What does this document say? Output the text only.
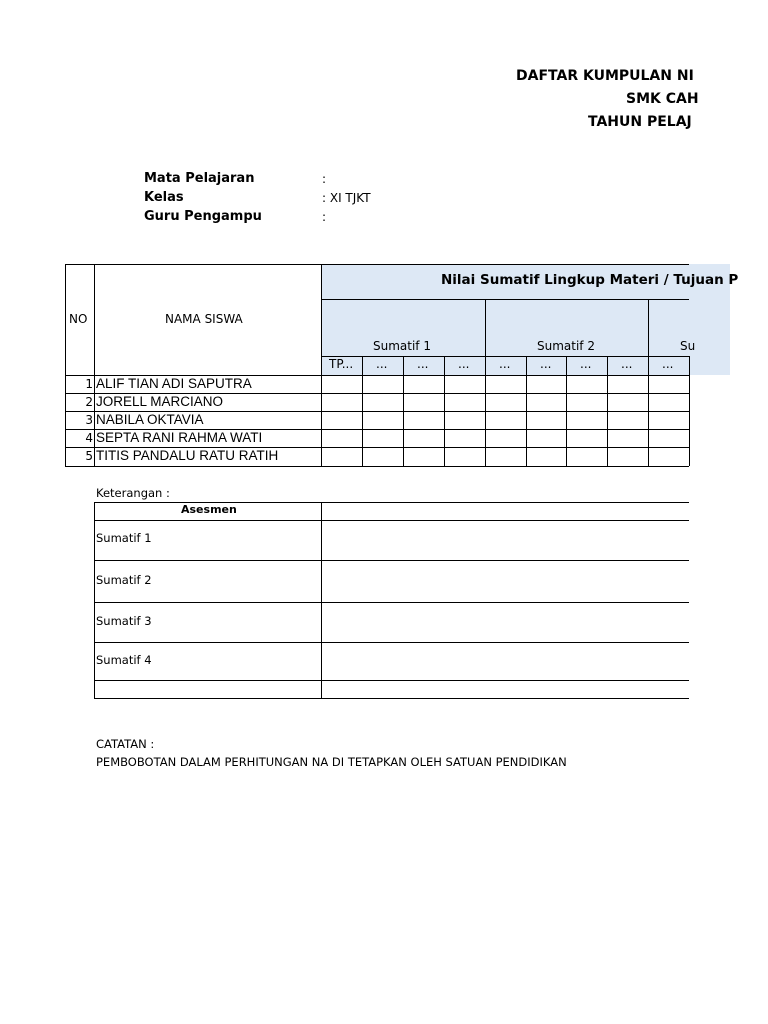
DAFTAR KUMPULAN NI
SMK CAH
TAHUN PELAJ
Mata Pelajaran	:
Kelas	: XI TJKT
Guru Pengampu	:
NO	NAMA SISWA
Nilai Sumatif Lingkup Materi / Tujuan P
Sumatif 1	Sumatif 2	Su
TP... ... ... ... ... ... ... ... ...
1 ALIF TIAN ADI SAPUTRA
2 JORELL MARCIANO
3 NABILA OKTAVIA
4 SEPTA RANI RAHMA WATI
5 TITIS PANDALU RATU RATIH
Keterangan :
Asesmen
Sumatif 1
Sumatif 2
Sumatif 3
Sumatif 4
CATATAN :
PEMBOBOTAN DALAM PERHITUNGAN NA DI TETAPKAN OLEH SATUAN PENDIDIKAN
